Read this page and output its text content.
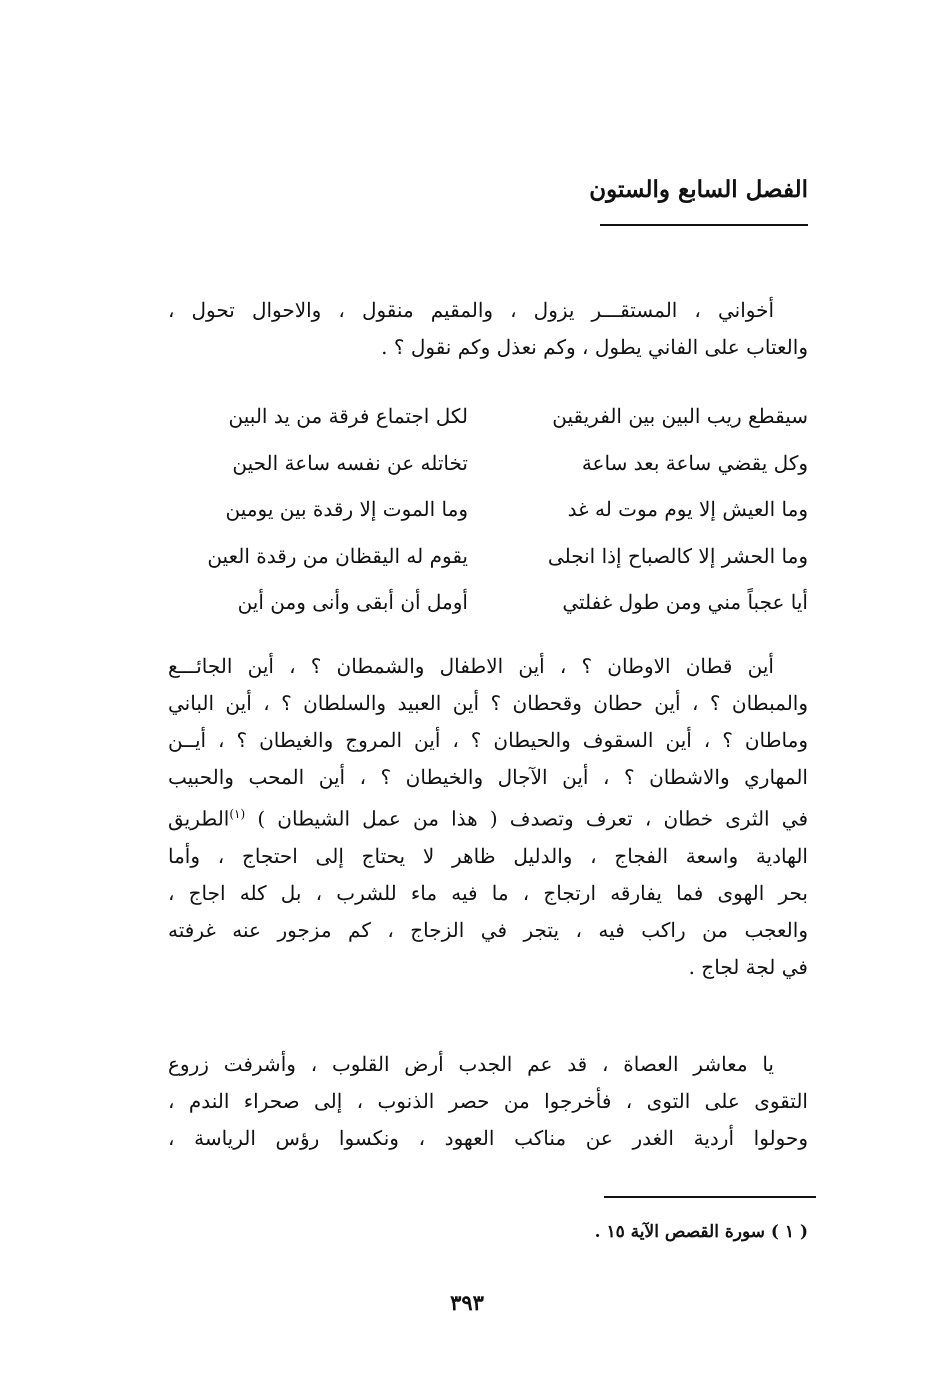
الفصل السابع والستون
أخواني ، المستقـــر يزول ، والمقيم منقول ، والاحوال تحول ،
والعتاب على الفاني يطول ، وكم نعذل وكم نقول ؟ .
سيقطع ريب البين بين الفريقين
لكل اجتماع فرقة من يد البين
وكل يقضي ساعة بعد ساعة
تخاتله عن نفسه ساعة الحين
وما العيش إلا يوم موت له غد
وما الموت إلا رقدة بين يومين
وما الحشر إلا كالصباح إذا انجلى
يقوم له اليقظان من رقدة العين
أيا عجباً مني ومن طول غفلتي
أومل أن أبقى وأنى ومن أين
أين قطان الاوطان ؟ ، أين الاطفال والشمطان ؟ ، أين الجائـــع
والمبطان ؟ ، أين حطان وقحطان ؟ أين العبيد والسلطان ؟ ، أين الباني
وماطان ؟ ، أين السقوف والحيطان ؟ ، أين المروج والغيطان ؟ ، أيــن
المهاري والاشطان ؟ ، أين الآجال والخيطان ؟ ، أين المحب والحبيب
في الثرى خطان ، تعرف وتصدف ( هذا من عمل الشيطان ) $^{(١)}$الطريق
الهادية واسعة الفجاج ، والدليل ظاهر لا يحتاج إلى احتجاج ، وأما
بحر الهوى فما يفارقه ارتجاج ، ما فيه ماء للشرب ، بل كله اجاج ،
والعجب من راكب فيه ، يتجر في الزجاج ، كم مزجور عنه غرفته
في لجة لجاج .
يا معاشر العصاة ، قد عم الجدب أرض القلوب ، وأشرفت زروع
التقوى على التوى ، فأخرجوا من حصر الذنوب ، إلى صحراء الندم ،
وحولوا أردية الغدر عن مناكب العهود ، ونكسوا رؤس الرياسة ،
( ١ ) سورة القصص الآية ١٥ .
٣٩٣
